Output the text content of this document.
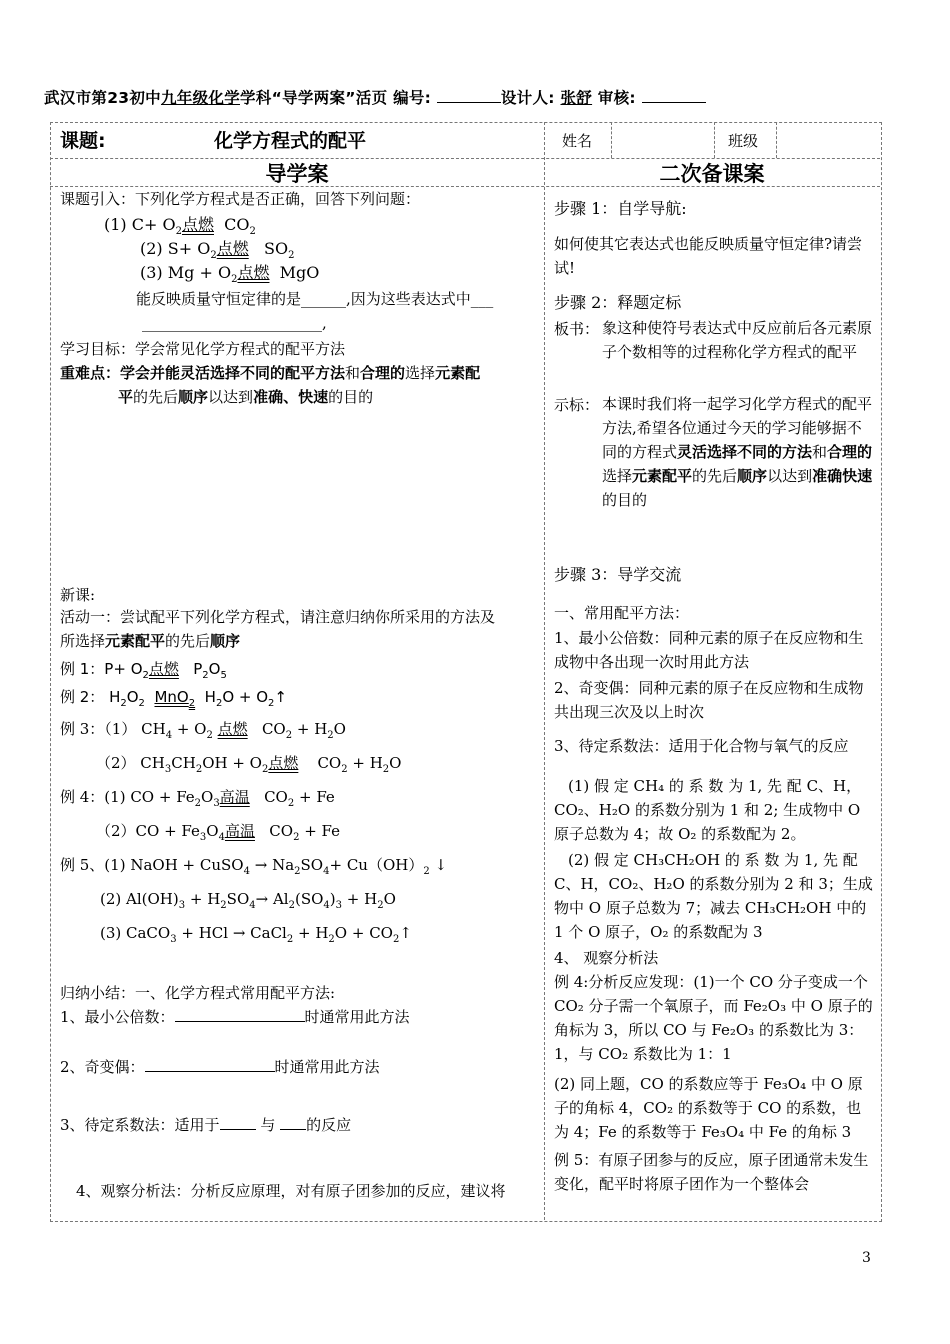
武汉市第23初中九年级化学学科“导学两案”活页 编号:	设计人: 张舒 审核:
课题:	化学方程式的配平	姓名	班级
导学案	二次备课案
课题引入：下列化学方程式是否正确，回答下列问题：
(1) $C+ O_2$点燃 $CO_2$
(2) $S+ O_2$点燃 $SO_2$
(3) $Mg + O_2$点燃 MgO
能反映质量守恒定律的是______,因为这些表达式中___
________________________,
学习目标：学会常见化学方程式的配平方法
重难点：学会并能灵活选择不同的配平方法和合理的选择元素配
平的先后顺序以达到准确、快速的目的
新课:
活动一：尝试配平下列化学方程式，请注意归纳你所采用的方法及
所选择元素配平的先后顺序
例 1：$P+ O_2$点燃 $P_2O_5$
例 2： $H_2O_2$ MnO$_2$ $H_2O$ + $O_2↑$
例 3：（1） $CH_4 + O_2$ 点燃 $CO_2 + H_2O$
（2） $CH_3CH_2OH + O_2$点燃 $CO_2 + H_2O$
例 4：(1) CO + $Fe_2O_3$高温 $CO_2 + Fe$
$(2)CO + Fe_3O_4$高温 $CO_2 + Fe$
例 5、(1) NaOH + CuSO$_4$ → $Na_2SO_4+ Cu(OH)_2$ ↓
(2) $Al(OH)_3 + H_2SO_4\to Al_2(SO_4)_3 + H_2O$
(3) CaCO$_3$ + HCl → CaCl$_2$ + $H_2O$ + $CO_2↑$
归纳小结：一、化学方程式常用配平方法:
1、最小公倍数：	时通常用此方法
2、奇变偶：	时通常用此方法
3、待定系数法：适用于 与 的反应
4、观察分析法：分析反应原理，对有原子团参加的反应，建议将
步骤 1：自学导航:
如何使其它表达式也能反映质量守恒定律?请尝试!
步骤 2：释题定标
板书： 象这种使符号表达式中反应前后各元素原子个数相等的过程称化学方程式的配平
示标： 本课时我们将一起学习化学方程式的配平方法,希望各位通过今天的学习能够据不同的方程式灵活选择不同的方法和合理的选择元素配平的先后顺序以达到准确快速的目的
步骤 3：导学交流
一、常用配平方法：
1、最小公倍数：同种元素的原子在反应物和生成物中各出现一次时用此方法
2、奇变偶：同种元素的原子在反应物和生成物共出现三次及以上时次
3、待定系数法：适用于化合物与氧气的反应
(1) 假 定 CH₄ 的 系 数 为 1, 先 配 C、H，CO₂、H₂O 的系数分别为 1 和 2; 生成物中 O 原子总数为 4；故 O₂ 的系数配为 2。
(2) 假 定 CH₃CH₂OH 的 系 数 为 1, 先 配 C、H，CO₂、H₂O 的系数分别为 2 和 3；生成物中 O 原子总数为 7；减去 CH₃CH₂OH 中的 1 个 O 原子，O₂ 的系数配为 3
4、 观察分析法
例 4:分析反应发现：(1)一个 CO 分子变成一个 CO₂ 分子需一个氧原子，而 Fe₂O₃ 中 O 原子的角标为 3，所以 CO 与 Fe₂O₃ 的系数比为 3：1，与 CO₂ 系数比为 1：1
(2) 同上题，CO 的系数应等于 Fe₃O₄ 中 O 原子的角标 4，CO₂ 的系数等于 CO 的系数，也为 4；Fe 的系数等于 Fe₃O₄ 中 Fe 的角标 3
例 5：有原子团参与的反应，原子团通常未发生变化，配平时将原子团作为一个整体会
3
